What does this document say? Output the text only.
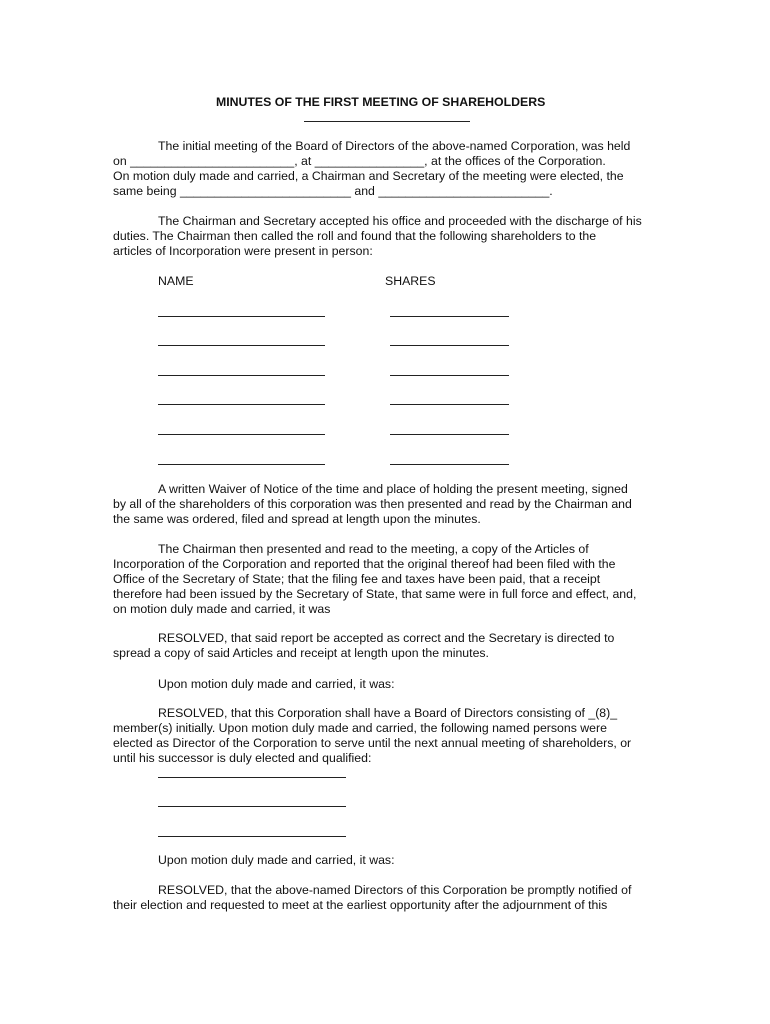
MINUTES OF THE FIRST MEETING OF SHAREHOLDERS
The initial meeting of the Board of Directors of the above-named Corporation, was held
on ________________________, at ________________, at the offices of the Corporation.
On motion duly made and carried, a Chairman and Secretary of the meeting were elected, the
same being _________________________ and _________________________.
The Chairman and Secretary accepted his office and proceeded with the discharge of his
duties. The Chairman then called the roll and found that the following shareholders to the
articles of Incorporation were present in person:
NAME	SHARES
A written Waiver of Notice of the time and place of holding the present meeting, signed
by all of the shareholders of this corporation was then presented and read by the Chairman and
the same was ordered, filed and spread at length upon the minutes.
The Chairman then presented and read to the meeting, a copy of the Articles of
Incorporation of the Corporation and reported that the original thereof had been filed with the
Office of the Secretary of State; that the filing fee and taxes have been paid, that a receipt
therefore had been issued by the Secretary of State, that same were in full force and effect, and,
on motion duly made and carried, it was
RESOLVED, that said report be accepted as correct and the Secretary is directed to
spread a copy of said Articles and receipt at length upon the minutes.
Upon motion duly made and carried, it was:
RESOLVED, that this Corporation shall have a Board of Directors consisting of _(8)_
member(s) initially. Upon motion duly made and carried, the following named persons were
elected as Director of the Corporation to serve until the next annual meeting of shareholders, or
until his successor is duly elected and qualified:
Upon motion duly made and carried, it was:
RESOLVED, that the above-named Directors of this Corporation be promptly notified of
their election and requested to meet at the earliest opportunity after the adjournment of this
